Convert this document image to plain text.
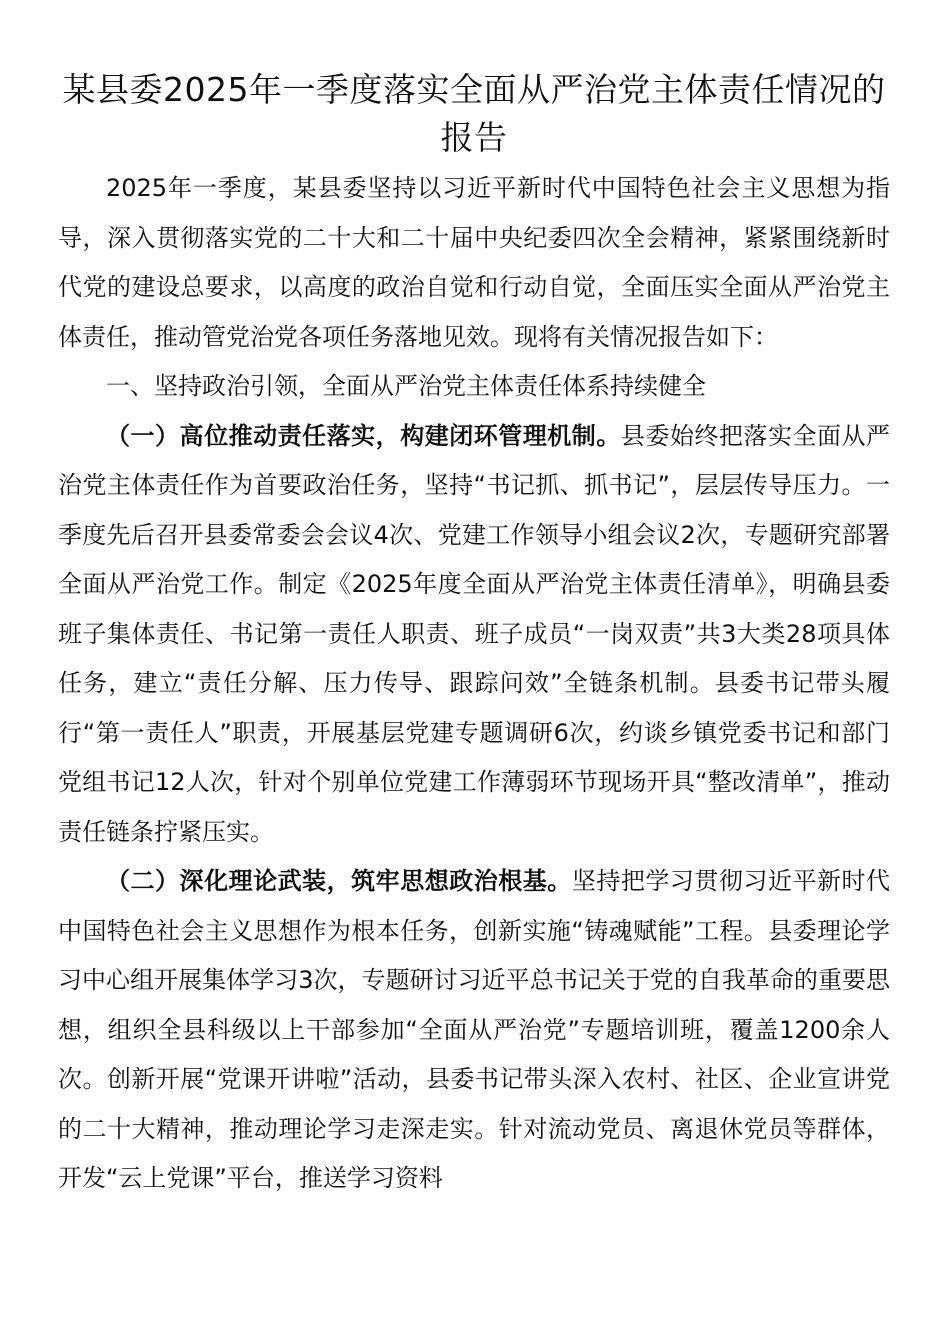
某县委2025年一季度落实全面从严治党主体责任情况的报告

2025年一季度，某县委坚持以习近平新时代中国特色社会主义思想为指导，深入贯彻落实党的二十大和二十届中央纪委四次全会精神，紧紧围绕新时代党的建设总要求，以高度的政治自觉和行动自觉，全面压实全面从严治党主体责任，推动管党治党各项任务落地见效。现将有关情况报告如下：

一、坚持政治引领，全面从严治党主体责任体系持续健全

（一）高位推动责任落实，构建闭环管理机制。县委始终把落实全面从严治党主体责任作为首要政治任务，坚持“书记抓、抓书记”，层层传导压力。一季度先后召开县委常委会会议4次、党建工作领导小组会议2次，专题研究部署全面从严治党工作。制定《2025年度全面从严治党主体责任清单》，明确县委班子集体责任、书记第一责任人职责、班子成员“一岗双责”共3大类28项具体任务，建立“责任分解、压力传导、跟踪问效”全链条机制。县委书记带头履行“第一责任人”职责，开展基层党建专题调研6次，约谈乡镇党委书记和部门党组书记12人次，针对个别单位党建工作薄弱环节现场开具“整改清单”，推动责任链条拧紧压实。

（二）深化理论武装，筑牢思想政治根基。坚持把学习贯彻习近平新时代中国特色社会主义思想作为根本任务，创新实施“铸魂赋能”工程。县委理论学习中心组开展集体学习3次，专题研讨习近平总书记关于党的自我革命的重要思想，组织全县科级以上干部参加“全面从严治党”专题培训班，覆盖1200余人次。创新开展“党课开讲啦”活动，县委书记带头深入农村、社区、企业宣讲党的二十大精神，推动理论学习走深走实。针对流动党员、离退休党员等群体，开发“云上党课”平台，推送学习资料
